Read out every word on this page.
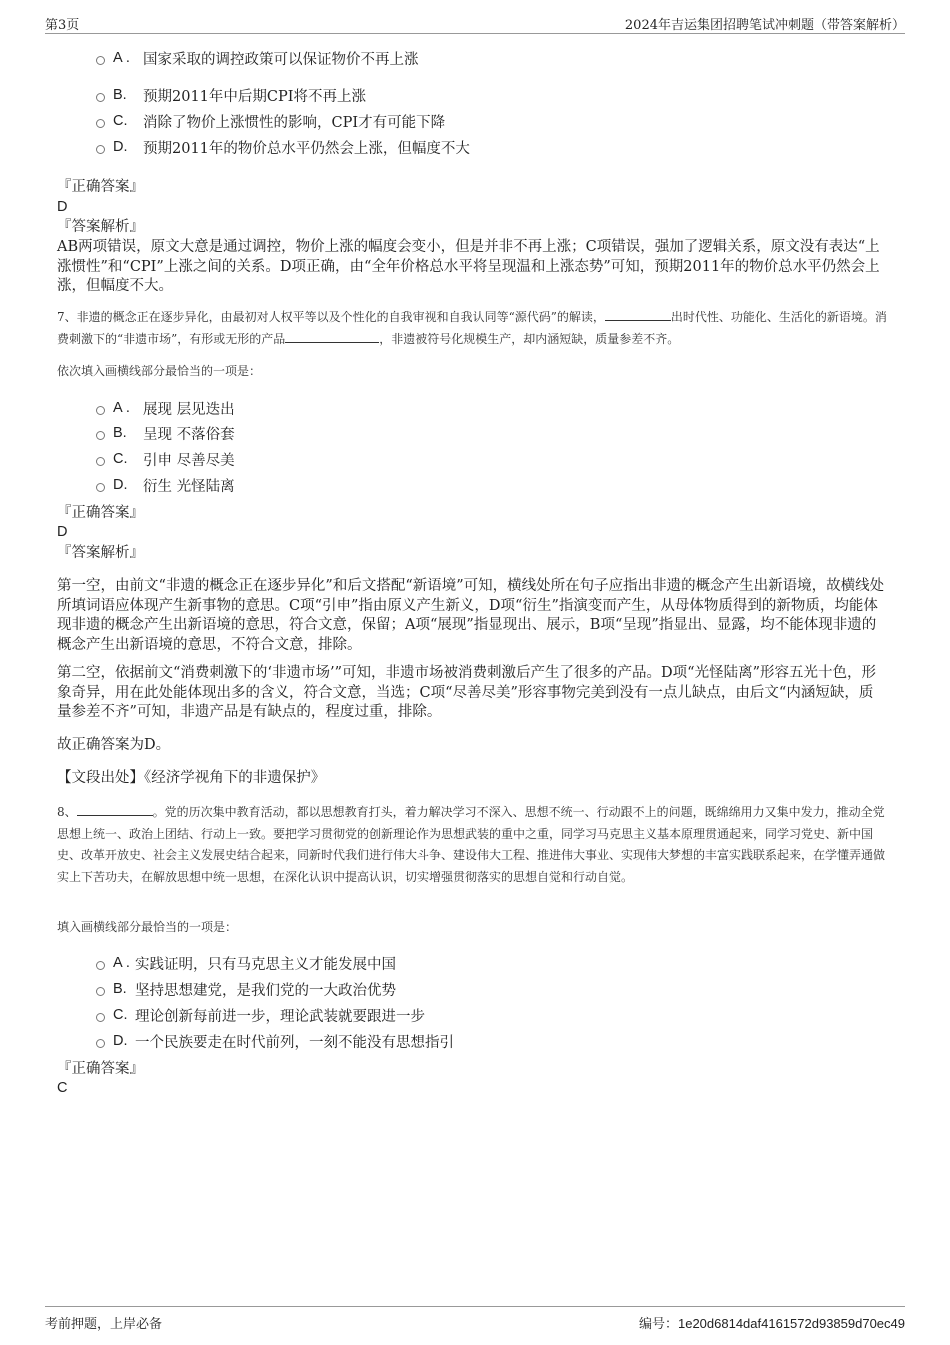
第3页	2024年吉运集团招聘笔试冲刺题（带答案解析）
A . 国家采取的调控政策可以保证物价不再上涨
B.	预期2011年中后期CPI将不再上涨
C.	消除了物价上涨惯性的影响，CPI才有可能下降
D.	预期2011年的物价总水平仍然会上涨，但幅度不大
『正确答案』
D
『答案解析』
AB两项错误，原文大意是通过调控，物价上涨的幅度会变小，但是并非不再上涨；C项错误，强加了逻辑关系，原文没有表达“上涨惯性”和“CPI”上涨之间的关系。D项正确，由“全年价格总水平将呈现温和上涨态势”可知，预期2011年的物价总水平仍然会上涨，但幅度不大。
7、非遗的概念正在逐步异化，由最初对人权平等以及个性化的自我审视和自我认同等“源代码”的解读，	出时代性、功能化、生活化的新语境。消费刺激下的“非遗市场”，有形或无形的产品	，非遗被符号化规模生产，却内涵短缺，质量参差不齐。
依次填入画横线部分最恰当的一项是：
A . 展现 层见迭出
B.	呈现 不落俗套
C.	引申 尽善尽美
D.	衍生 光怪陆离
『正确答案』
D
『答案解析』
第一空，由前文“非遗的概念正在逐步异化”和后文搭配“新语境”可知，横线处所在句子应指出非遗的概念产生出新语境，故横线处所填词语应体现产生新事物的意思。C项“引申”指由原义产生新义，D项“衍生”指演变而产生，从母体物质得到的新物质，均能体现非遗的概念产生出新语境的意思，符合文意，保留；A项“展现”指显现出、展示，B项“呈现”指显出、显露，均不能体现非遗的概念产生出新语境的意思，不符合文意，排除。
第二空，依据前文“消费刺激下的‘非遗市场’”可知，非遗市场被消费刺激后产生了很多的产品。D项“光怪陆离”形容五光十色，形象奇异，用在此处能体现出多的含义，符合文意，当选；C项“尽善尽美”形容事物完美到没有一点儿缺点，由后文“内涵短缺，质量参差不齐”可知，非遗产品是有缺点的，程度过重，排除。
故正确答案为D。
【文段出处】《经济学视角下的非遗保护》
8、	。党的历次集中教育活动，都以思想教育打头，着力解决学习不深入、思想不统一、行动跟不上的问题，既绵绵用力又集中发力，推动全党思想上统一、政治上团结、行动上一致。要把学习贯彻党的创新理论作为思想武装的重中之重，同学习马克思主义基本原理贯通起来，同学习党史、新中国史、改革开放史、社会主义发展史结合起来，同新时代我们进行伟大斗争、建设伟大工程、推进伟大事业、实现伟大梦想的丰富实践联系起来，在学懂弄通做实上下苦功夫，在解放思想中统一思想，在深化认识中提高认识，切实增强贯彻落实的思想自觉和行动自觉。
填入画横线部分最恰当的一项是：
A . 实践证明，只有马克思主义才能发展中国
B. 坚持思想建党，是我们党的一大政治优势
C. 理论创新每前进一步，理论武装就要跟进一步
D. 一个民族要走在时代前列，一刻不能没有思想指引
『正确答案』
C
考前押题，上岸必备	编号：1e20d6814daf4161572d93859d70ec49
